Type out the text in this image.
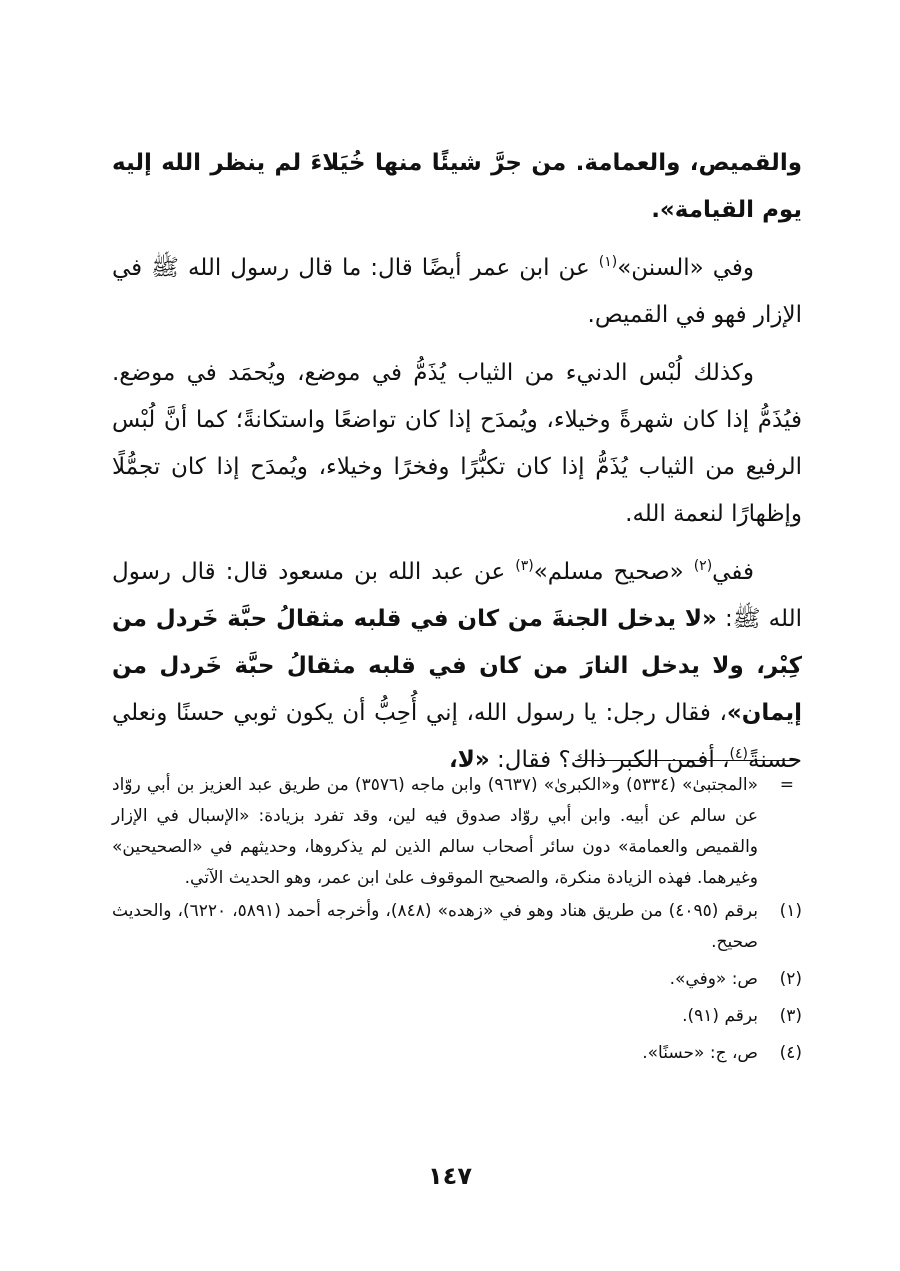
والقميص، والعمامة. من جرَّ شيئًا منها خُيَلاءَ لم ينظر الله إليه يوم القيامة».

وفي «السنن»$^{(١)}$ عن ابن عمر أيضًا قال: ما قال رسول الله ﷺ في الإزار فهو في القميص.

وكذلك لُبْس الدنيء من الثياب يُذَمُّ في موضع، ويُحمَد في موضع. فيُذَمُّ إذا كان شهرةً وخيلاء، ويُمدَح إذا كان تواضعًا واستكانةً؛ كما أنَّ لُبْس الرفيع من الثياب يُذَمُّ إذا كان تكبُّرًا وفخرًا وخيلاء، ويُمدَح إذا كان تجمُّلًا وإظهارًا لنعمة الله.

ففي$^{(٢)}$ «صحيح مسلم»$^{(٣)}$ عن عبد الله بن مسعود قال: قال رسول الله ﷺ: «لا يدخل الجنةَ من كان في قلبه مثقالُ حبَّة خَردل من كِبْر، ولا يدخل النارَ من كان في قلبه مثقالُ حبَّة خَردل من إيمان»، فقال رجل: يا رسول الله، إني أُحِبُّ أن يكون ثوبي حسنًا ونعلي حسنةً$^{(٤)}$، أفمن الكبر ذاك؟ فقال: «لا،

=
«المجتبىٰ» (٥٣٣٤) و«الكبرىٰ» (٩٦٣٧) وابن ماجه (٣٥٧٦) من طريق عبد العزيز بن أبي روّاد عن سالم عن أبيه. وابن أبي روّاد صدوق فيه لين، وقد تفرد بزيادة: «الإسبال في الإزار والقميص والعمامة» دون سائر أصحاب سالم الذين لم يذكروها، وحديثهم في «الصحيحين» وغيرهما. فهذه الزيادة منكرة، والصحيح الموقوف علىٰ ابن عمر، وهو الحديث الآتي.
(١)
برقم (٤٠٩٥) من طريق هناد وهو في «زهده» (٨٤٨)، وأخرجه أحمد (٥٨٩١، ٦٢٢٠)، والحديث صحيح.
(٢)
ص: «وفي».
(٣)
برقم (٩١).
(٤)
ص، ج: «حسنًا».
١٤٧
